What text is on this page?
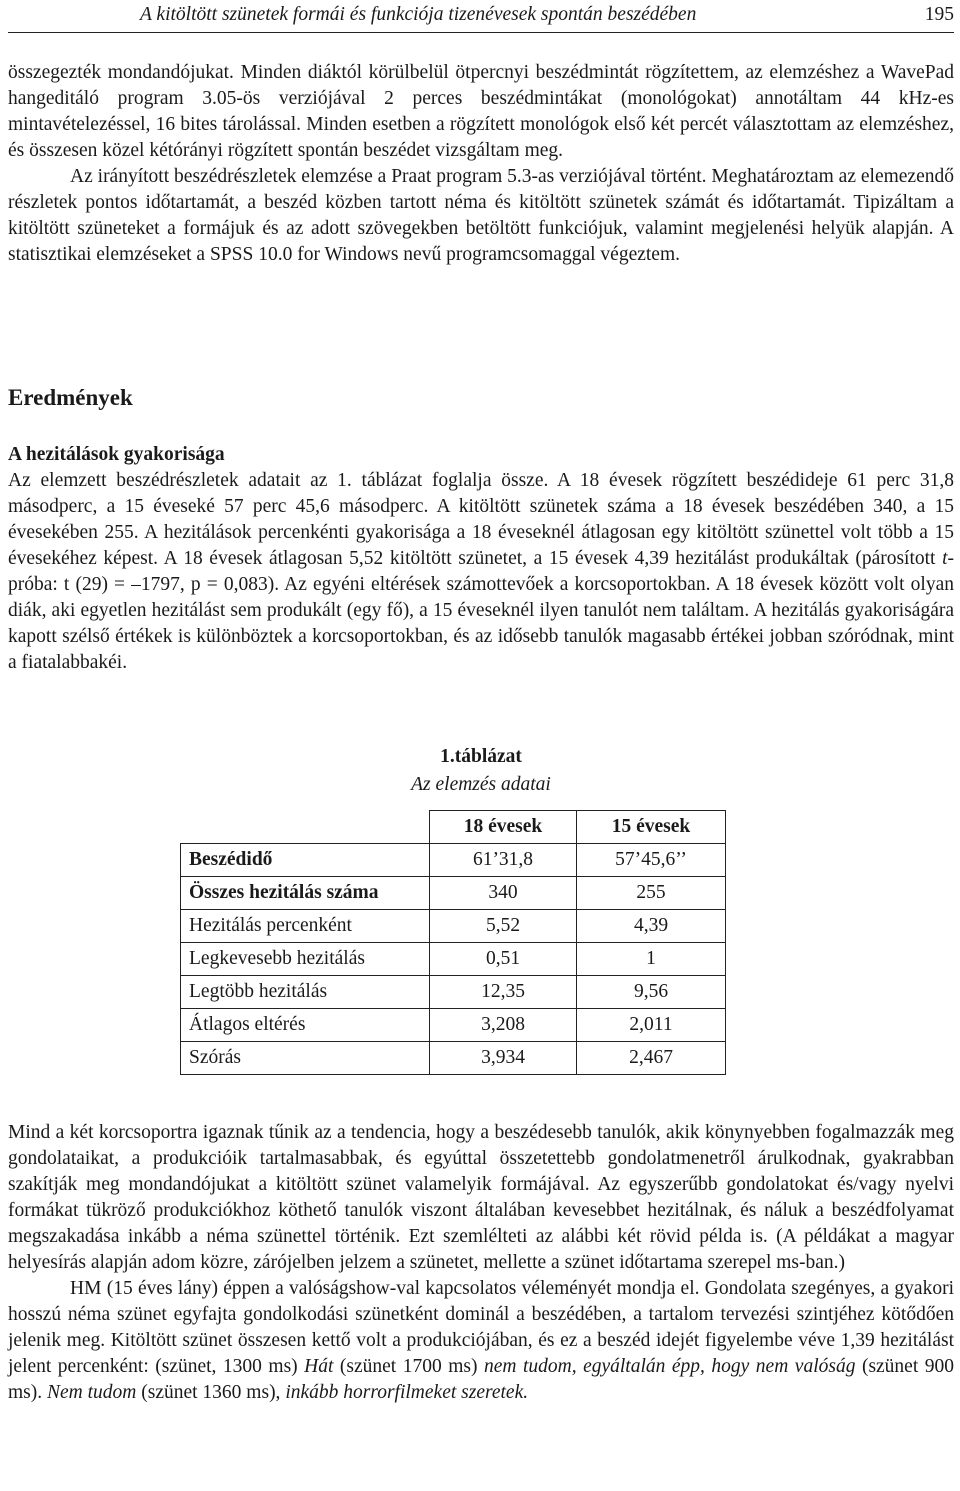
A kitöltött szünetek formái és funkciója tizenévesek spontán beszédében	195

összegezték mondandójukat. Minden diáktól körülbelül ötpercnyi beszédmintát rögzítettem, az elemzéshez a WavePad hangeditáló program 3.05-ös verziójával 2 perces beszédmintákat (monológokat) annotáltam 44 kHz-es mintavételezéssel, 16 bites tárolással. Minden esetben a rögzített monológok első két percét választottam az elemzéshez, és összesen közel kétórányi rögzített spontán beszédet vizsgáltam meg.

Az irányított beszédrészletek elemzése a Praat program 5.3-as verziójával történt. Meghatároztam az elemezendő részletek pontos időtartamát, a beszéd közben tartott néma és kitöltött szünetek számát és időtartamát. Tipizáltam a kitöltött szüneteket a formájuk és az adott szövegekben betöltött funkciójuk, valamint megjelenési helyük alapján. A statisztikai elemzéseket a SPSS 10.0 for Windows nevű programcsomaggal végeztem.

Eredmények
A hezitálások gyakorisága

Az elemzett beszédrészletek adatait az 1. táblázat foglalja össze. A 18 évesek rögzített beszédideje 61 perc 31,8 másodperc, a 15 éveseké 57 perc 45,6 másodperc. A kitöltött szünetek száma a 18 évesek beszédében 340, a 15 évesekében 255. A hezitálások percenkénti gyakorisága a 18 éveseknél átlagosan egy kitöltött szünettel volt több a 15 évesekéhez képest. A 18 évesek átlagosan 5,52 kitöltött szünetet, a 15 évesek 4,39 hezitálást produkáltak (párosított t-próba: t (29) = –1797, p = 0,083). Az egyéni eltérések számottevőek a korcsoportokban. A 18 évesek között volt olyan diák, aki egyetlen hezitálást sem produkált (egy fő), a 15 éveseknél ilyen tanulót nem találtam. A hezitálás gyakoriságára kapott szélső értékek is különböztek a korcsoportokban, és az idősebb tanulók magasabb értékei jobban szóródnak, mint a fiatalabbakéi.

1.táblázat
Az elemzés adatai
	18 évesek	15 évesek
Beszédidő	61’31,8	57’45,6’’
Összes hezitálás száma	340	255
Hezitálás percenként	5,52	4,39
Legkevesebb hezitálás	0,51	1
Legtöbb hezitálás	12,35	9,56
Átlagos eltérés	3,208	2,011
Szórás	3,934	2,467

Mind a két korcsoportra igaznak tűnik az a tendencia, hogy a beszédesebb tanulók, akik könynyebben fogalmazzák meg gondolataikat, a produkcióik tartalmasabbak, és egyúttal összetettebb gondolatmenetről árulkodnak, gyakrabban szakítják meg mondandójukat a kitöltött szünet valamelyik formájával. Az egyszerűbb gondolatokat és/vagy nyelvi formákat tükröző produkciókhoz köthető tanulók viszont általában kevesebbet hezitálnak, és náluk a beszédfolyamat megszakadása inkább a néma szünettel történik. Ezt szemlélteti az alábbi két rövid példa is. (A példákat a magyar helyesírás alapján adom közre, zárójelben jelzem a szünetet, mellette a szünet időtartama szerepel ms-ban.)

HM (15 éves lány) éppen a valóságshow-val kapcsolatos véleményét mondja el. Gondolata szegényes, a gyakori hosszú néma szünet egyfajta gondolkodási szünetként dominál a beszédében, a tartalom tervezési szintjéhez kötődően jelenik meg. Kitöltött szünet összesen kettő volt a produkciójában, és ez a beszéd idejét figyelembe véve 1,39 hezitálást jelent percenként: (szünet, 1300 ms) Hát (szünet 1700 ms) nem tudom, egyáltalán épp, hogy nem valóság (szünet 900 ms). Nem tudom (szünet 1360 ms), inkább horrorfilmeket szeretek.
